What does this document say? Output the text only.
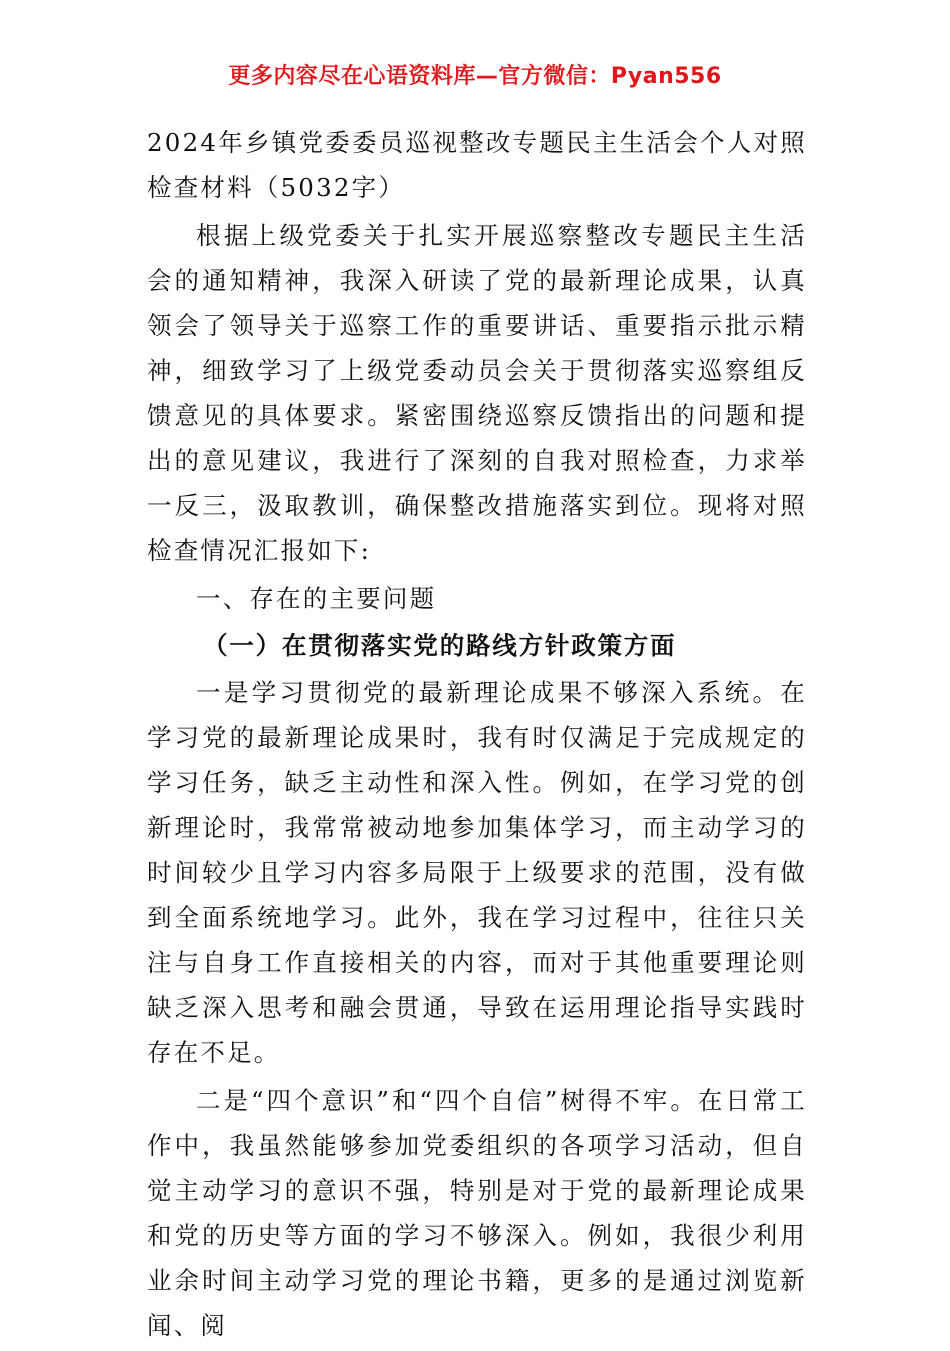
更多内容尽在心语资料库—官方微信：Pyan556

2024年乡镇党委委员巡视整改专题民主生活会个人对照检查材料（5032字）

根据上级党委关于扎实开展巡察整改专题民主生活会的通知精神，我深入研读了党的最新理论成果，认真领会了领导关于巡察工作的重要讲话、重要指示批示精神，细致学习了上级党委动员会关于贯彻落实巡察组反馈意见的具体要求。紧密围绕巡察反馈指出的问题和提出的意见建议，我进行了深刻的自我对照检查，力求举一反三，汲取教训，确保整改措施落实到位。现将对照检查情况汇报如下:

一、存在的主要问题

（一）在贯彻落实党的路线方针政策方面

一是学习贯彻党的最新理论成果不够深入系统。在学习党的最新理论成果时，我有时仅满足于完成规定的学习任务，缺乏主动性和深入性。例如，在学习党的创新理论时，我常常被动地参加集体学习，而主动学习的时间较少且学习内容多局限于上级要求的范围，没有做到全面系统地学习。此外，我在学习过程中，往往只关注与自身工作直接相关的内容，而对于其他重要理论则缺乏深入思考和融会贯通，导致在运用理论指导实践时存在不足。

二是“四个意识”和“四个自信”树得不牢。在日常工作中，我虽然能够参加党委组织的各项学习活动，但自觉主动学习的意识不强，特别是对于党的最新理论成果和党的历史等方面的学习不够深入。例如，我很少利用业余时间主动学习党的理论书籍，更多的是通过浏览新闻、阅
